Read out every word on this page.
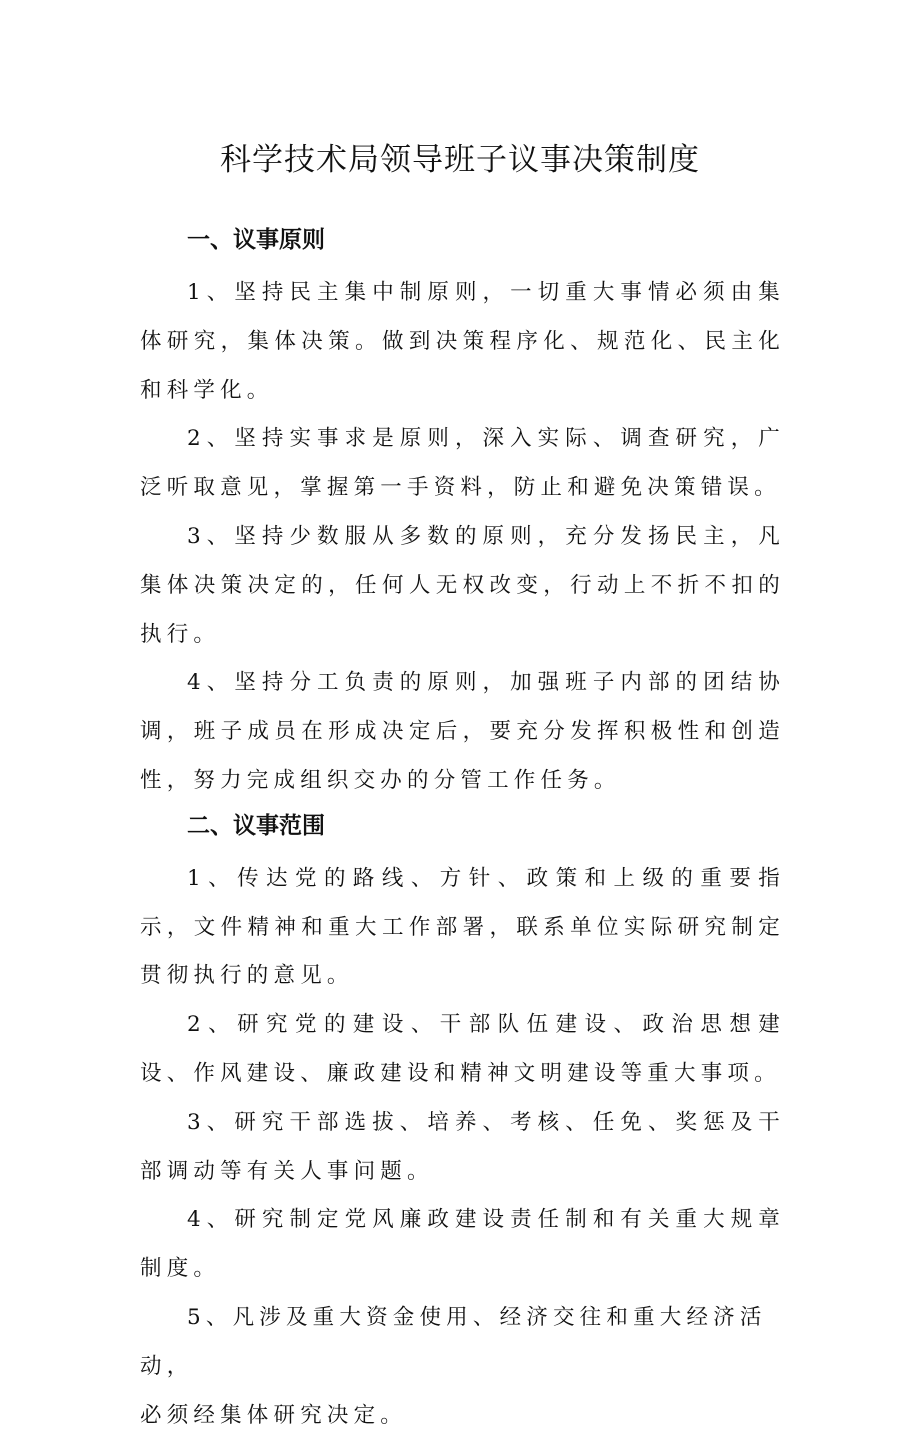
科学技术局领导班子议事决策制度
一、议事原则

1、坚持民主集中制原则，一切重大事情必须由集体研究，集体决策。做到决策程序化、规范化、民主化和科学化。

2、坚持实事求是原则，深入实际、调查研究，广泛听取意见，掌握第一手资料，防止和避免决策错误。

3、坚持少数服从多数的原则，充分发扬民主，凡集体决策决定的，任何人无权改变，行动上不折不扣的执行。

4、坚持分工负责的原则，加强班子内部的团结协调，班子成员在形成决定后，要充分发挥积极性和创造性，努力完成组织交办的分管工作任务。

二、议事范围

1、传达党的路线、方针、政策和上级的重要指示，文件精神和重大工作部署，联系单位实际研究制定贯彻执行的意见。

2、研究党的建设、干部队伍建设、政治思想建设、作风建设、廉政建设和精神文明建设等重大事项。

3、研究干部选拔、培养、考核、任免、奖惩及干部调动等有关人事问题。

4、研究制定党风廉政建设责任制和有关重大规章制度。

5、凡涉及重大资金使用、经济交往和重大经济活动，

必须经集体研究决定。
